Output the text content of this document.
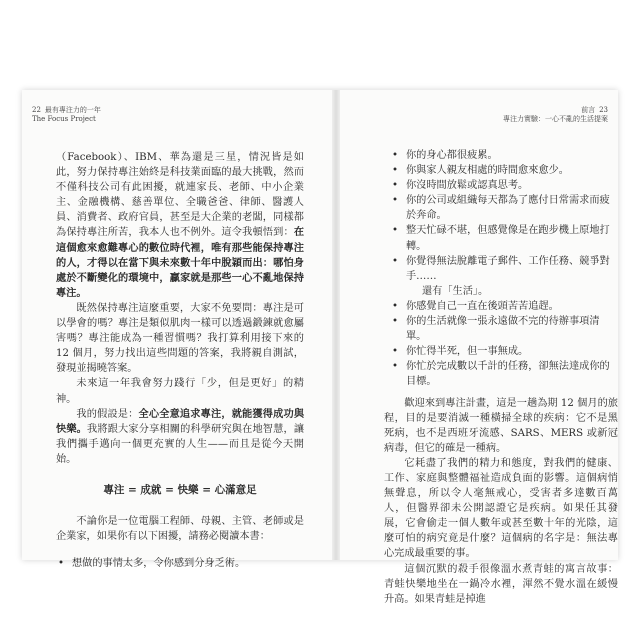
22 最有專注力的一年
The Focus Project

（Facebook）、IBM、華為還是三星，情況皆是如此，努力保持專注始終是科技業面臨的最大挑戰，然而不僅科技公司有此困擾，就連家長、老師、中小企業主、金融機構、慈善單位、全職爸爸、律師、醫護人員、消費者、政府官員，甚至是大企業的老闆，同樣都為保持專注所苦，我本人也不例外。這令我頓悟到：在這個愈來愈難專心的數位時代裡，唯有那些能保持專注的人，才得以在當下與未來數十年中脫穎而出：哪怕身處於不斷變化的環境中，贏家就是那些一心不亂地保持專注。

既然保持專注這麼重要，大家不免要問：專注是可以學會的嗎？專注是類似肌肉一樣可以透過鍛鍊就愈屬害嗎？專注能成為一種習慣嗎？我打算利用接下來的 12 個月，努力找出這些問題的答案，我將親自測試，發現並揭曉答案。

未來這一年我會努力踐行「少，但是更好」的精神。

我的假設是：全心全意追求專注，就能獲得成功與快樂。我將跟大家分享相關的科學研究與在地智慧，讓我們攜手邁向一個更充實的人生——而且是從今天開始。

專注 = 成就 = 快樂 = 心滿意足

不論你是一位電腦工程師、母親、主管、老師或是企業家，如果你有以下困擾，請務必閱讀本書：

• 想做的事情太多，令你感到分身乏術。
前言 23
專注力實驗：一心不亂的生活提案
• 你的身心都很疲累。
• 你與家人親友相處的時間愈來愈少。
• 你沒時間放鬆或認真思考。
• 你的公司或組織每天都為了應付日常需求而疲於奔命。
• 整天忙碌不堪，但感覺像是在跑步機上原地打轉。
• 你覺得無法脫離電子郵件、工作任務、競爭對手……
還有「生活」。
• 你感覺自己一直在後頭苦苦追趕。
• 你的生活就像一張永遠做不完的待辦事項清單。
• 你忙得半死，但一事無成。
• 你忙於完成數以千計的任務，卻無法達成你的目標。

歡迎來到專注計畫，這是一趟為期 12 個月的旅程，目的是要消滅一種橫掃全球的疾病：它不是黑死病，也不是西班牙流感、SARS、MERS 或新冠病毒，但它的確是一種病。

它耗盡了我們的精力和態度，對我們的健康、工作、家庭與整體福祉造成負面的影響。這個病悄無聲息，所以令人毫無戒心，受害者多達數百萬人，但醫界卻未公開認證它是疾病。如果任其發展，它會偷走一個人數年或甚至數十年的光陰，這麼可怕的病究竟是什麼？這個病的名字是：無法專心完成最重要的事。

這個沉默的殺手很像溫水煮青蛙的寓言故事：青蛙快樂地坐在一鍋冷水裡，渾然不覺水溫在緩慢升高。如果青蛙是掉進
